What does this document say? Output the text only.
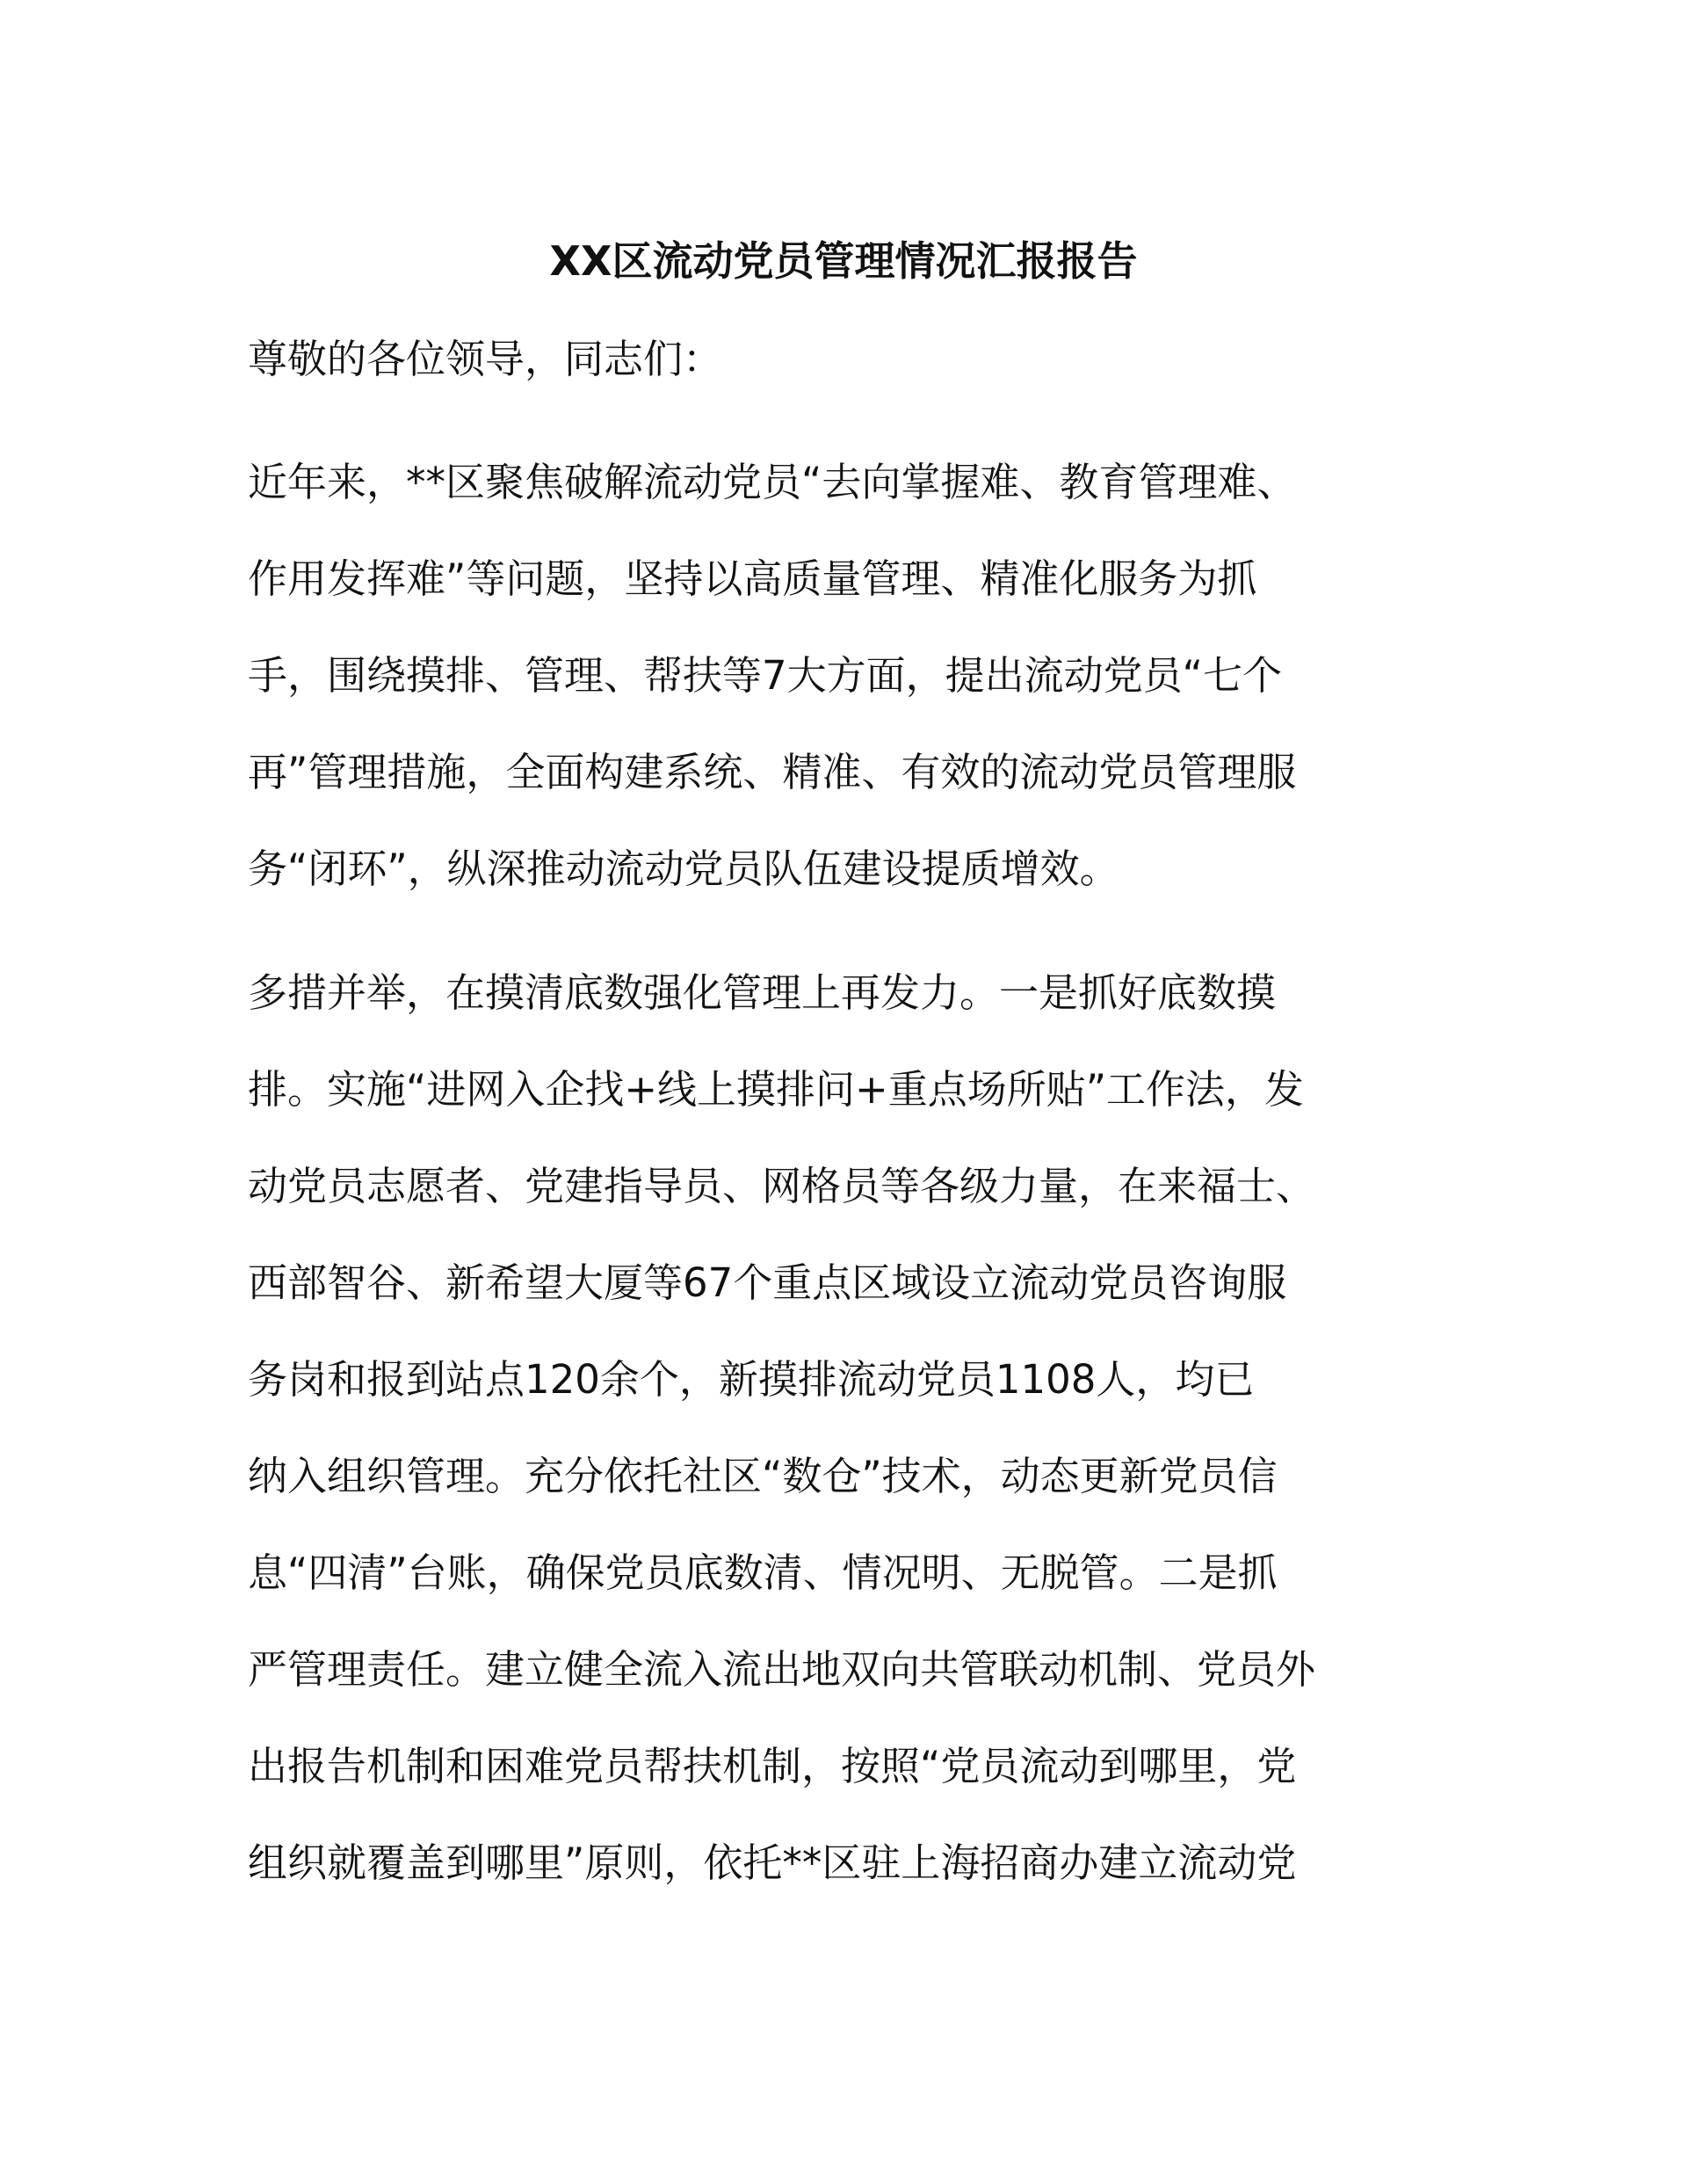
XX区流动党员管理情况汇报报告

尊敬的各位领导，同志们：

近年来，**区聚焦破解流动党员“去向掌握难、教育管理难、

作用发挥难”等问题，坚持以高质量管理、精准化服务为抓

手，围绕摸排、管理、帮扶等7大方面，提出流动党员“七个

再”管理措施，全面构建系统、精准、有效的流动党员管理服

务“闭环”，纵深推动流动党员队伍建设提质增效。

多措并举，在摸清底数强化管理上再发力。一是抓好底数摸

排。实施“进网入企找+线上摸排问+重点场所贴”工作法，发

动党员志愿者、党建指导员、网格员等各级力量，在来福士、

西部智谷、新希望大厦等67个重点区域设立流动党员咨询服

务岗和报到站点120余个，新摸排流动党员1108人，均已

纳入组织管理。充分依托社区“数仓”技术，动态更新党员信

息“四清”台账，确保党员底数清、情况明、无脱管。二是抓

严管理责任。建立健全流入流出地双向共管联动机制、党员外

出报告机制和困难党员帮扶机制，按照“党员流动到哪里，党

组织就覆盖到哪里”原则，依托**区驻上海招商办建立流动党
